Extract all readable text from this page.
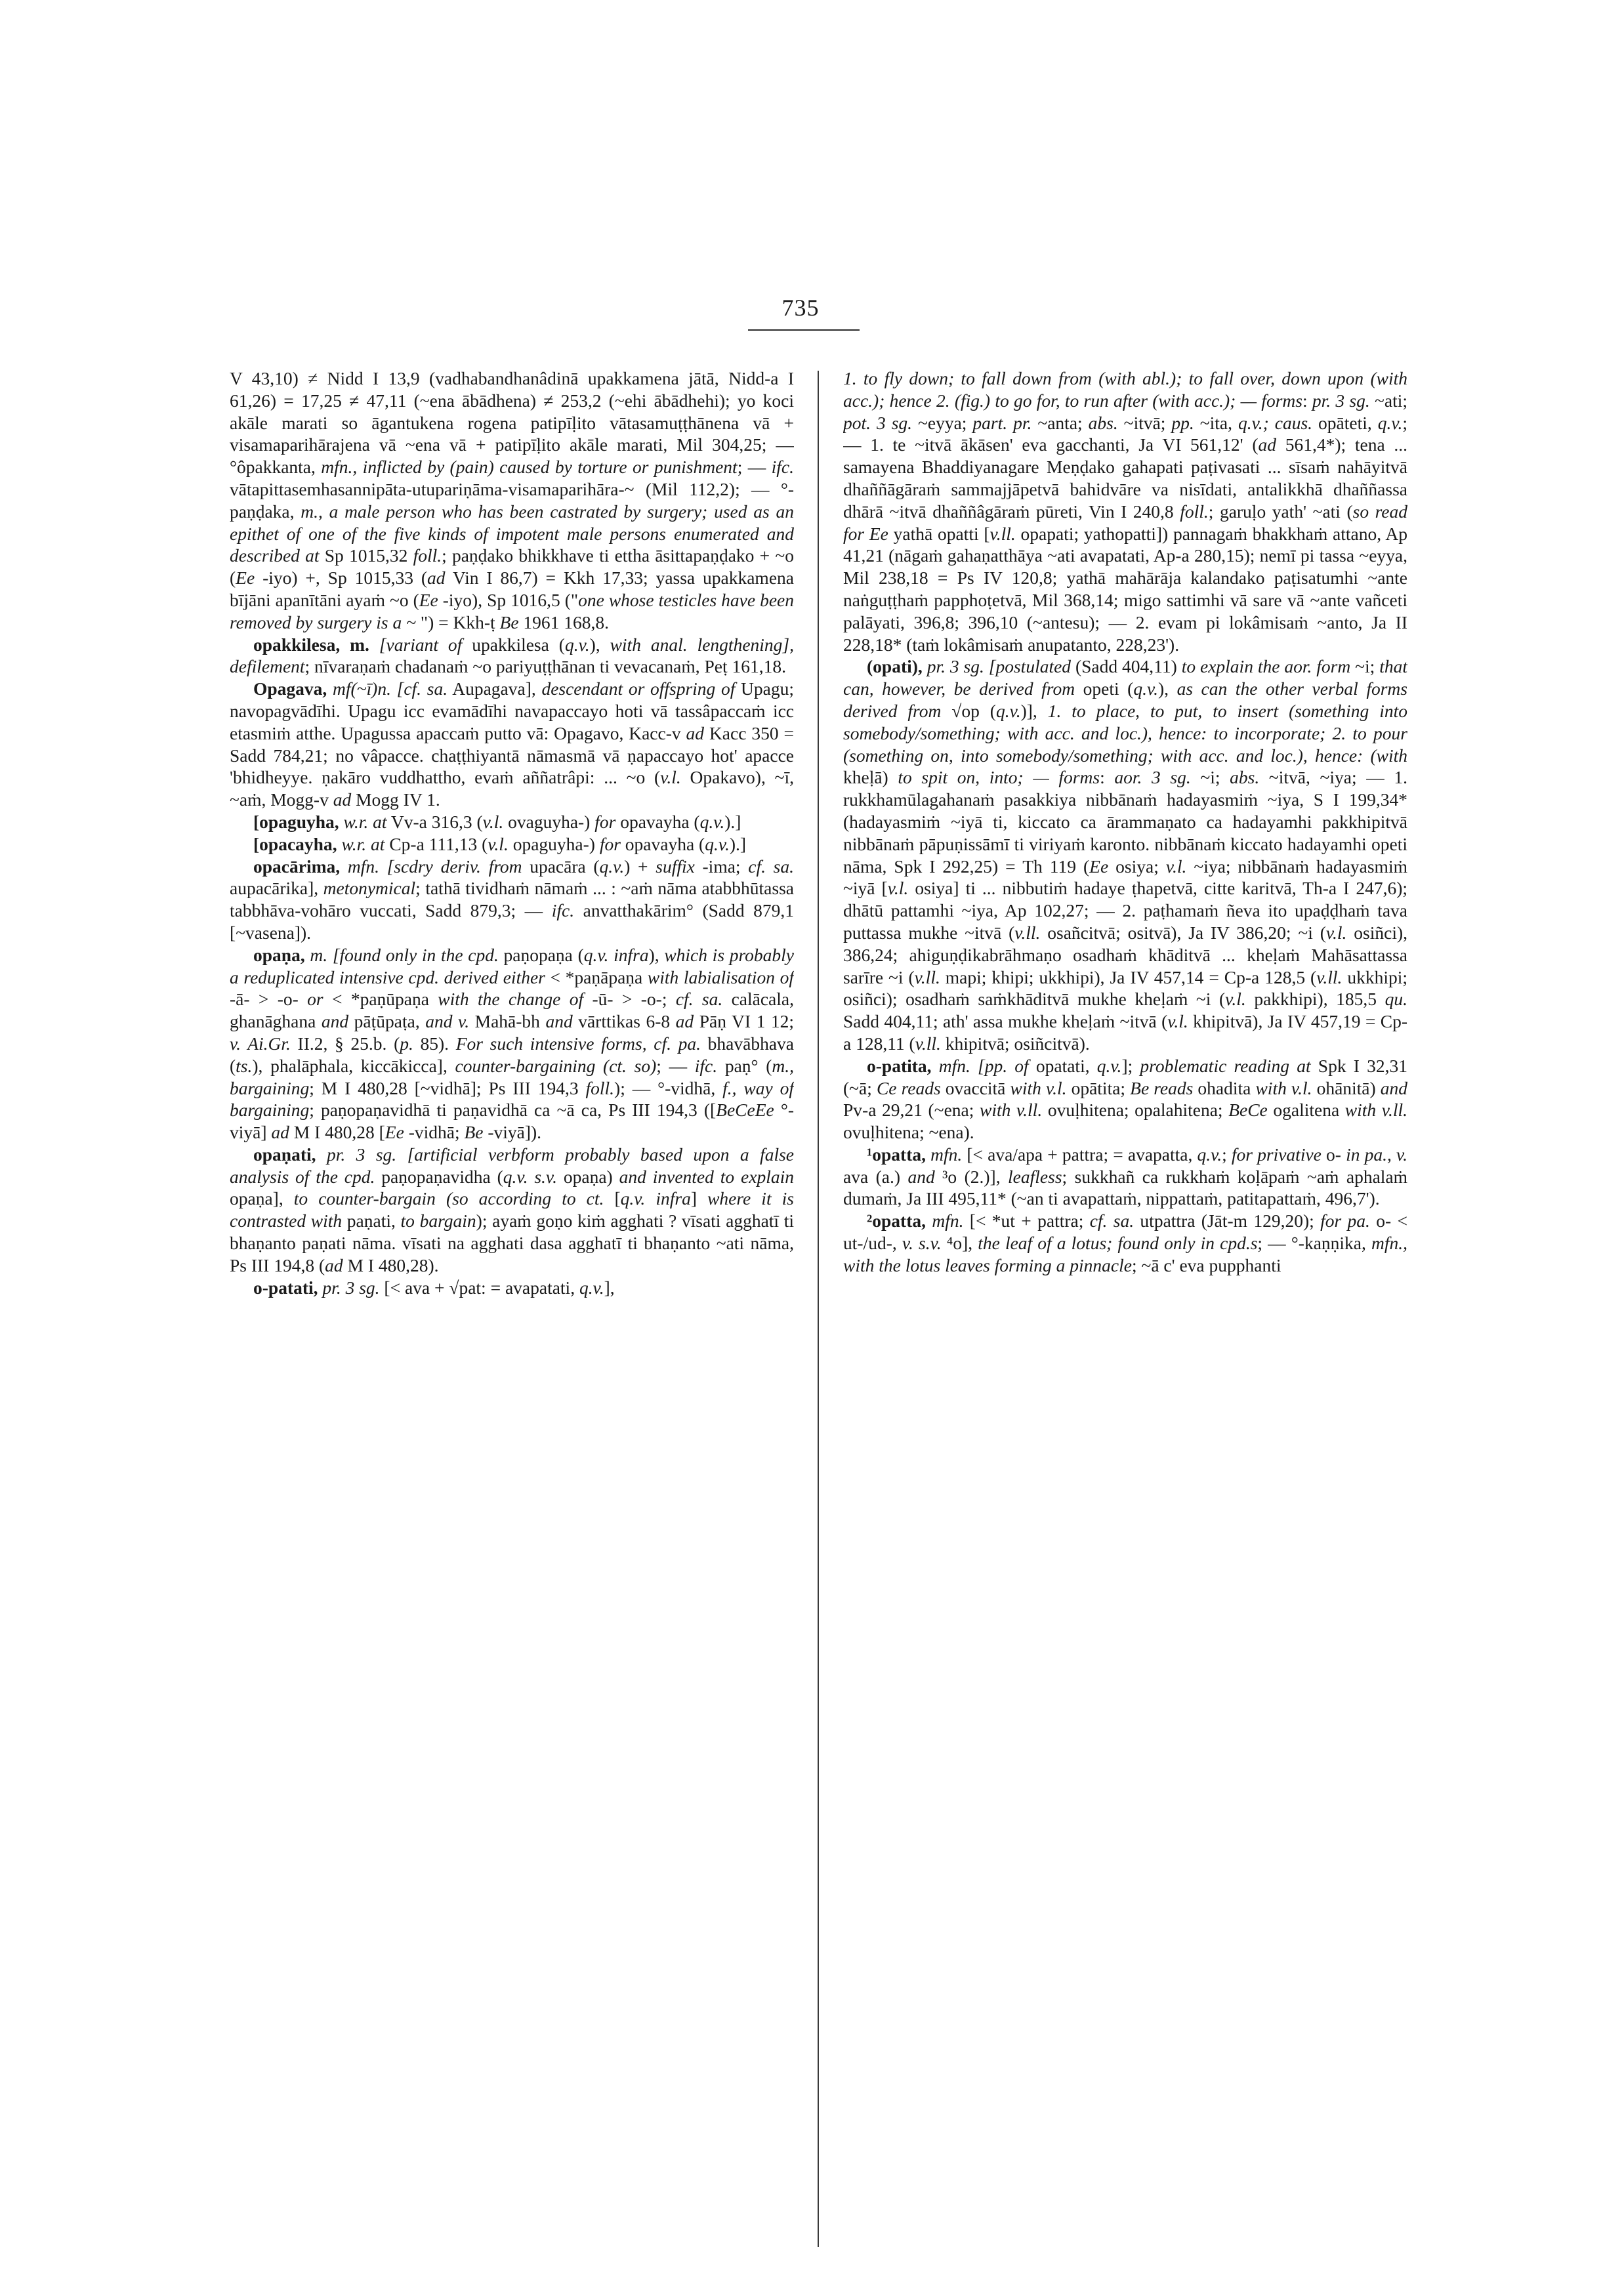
735

V 43,10) ≠ Nidd I 13,9 (vadhabandhanâdinā upakkamena jātā, Nidd-a I 61,26) = 17,25 ≠ 47,11 (~ena ābādhena) ≠ 253,2 (~ehi ābādhehi); yo koci akāle marati so āgantukena rogena patipīḷito vātasamuṭṭhānena vā + visamaparihārajena vā ~ena vā + patipīḷito akāle marati, Mil 304,25; — °ôpakkanta, mfn., inflicted by (pain) caused by torture or punishment; — ifc. vātapittasemhasannipāta-utupariṇāma-visamaparihāra-~ (Mil 112,2); — °-paṇḍaka, m., a male person who has been castrated by surgery; used as an epithet of one of the five kinds of impotent male persons enumerated and described at Sp 1015,32 foll.; paṇḍako bhikkhave ti ettha āsittapaṇḍako + ~o (Ee -iyo) +, Sp 1015,33 (ad Vin I 86,7) = Kkh 17,33; yassa upakkamena bījāni apanītāni ayaṁ ~o (Ee -iyo), Sp 1016,5 ("one whose testicles have been removed by surgery is a ~ ") = Kkh-ṭ Be 1961 168,8.

opakkilesa, m. [variant of upakkilesa (q.v.), with anal. lengthening], defilement; nīvaraṇaṁ chadanaṁ ~o pariyuṭṭhānan ti vevacanaṁ, Peṭ 161,18.

Opagava, mf(~ī)n. [cf. sa. Aupagava], descendant or offspring of Upagu; navopagvādīhi. Upagu icc evamādīhi navapaccayo hoti vā tassâpaccaṁ icc etasmiṁ atthe. Upagussa apaccaṁ putto vā: Opagavo, Kacc-v ad Kacc 350 = Sadd 784,21; no vâpacce. chaṭṭhiyantā nāmasmā vā ṇapaccayo hot' apacce 'bhidheyye. ṇakāro vuddhattho, evaṁ aññatrâpi: ... ~o (v.l. Opakavo), ~ī, ~aṁ, Mogg-v ad Mogg IV 1.

[opaguyha, w.r. at Vv-a 316,3 (v.l. ovaguyha-) for opavayha (q.v.).]

[opacayha, w.r. at Cp-a 111,13 (v.l. opaguyha-) for opavayha (q.v.).]

opacārima, mfn. [scdry deriv. from upacāra (q.v.) + suffix -ima; cf. sa. aupacārika], metonymical; tathā tividhaṁ nāmaṁ ... : ~aṁ nāma atabbhūtassa tabbhāva-vohāro vuccati, Sadd 879,3; — ifc. anvatthakārim° (Sadd 879,1 [~vasena]).

opaṇa, m. [found only in the cpd. paṇopaṇa (q.v. infra), which is probably a reduplicated intensive cpd. derived either < *paṇāpaṇa with labialisation of -ā- > -o- or < *paṇūpaṇa with the change of -ū- > -o-; cf. sa. calācala, ghanāghana and pāṭūpaṭa, and v. Mahā-bh and vārttikas 6-8 ad Pāṇ VI 1 12; v. Ai.Gr. II.2, § 25.b. (p. 85). For such intensive forms, cf. pa. bhavābhava (ts.), phalāphala, kiccākicca], counter-bargaining (ct. so); — ifc. paṇ° (m., bargaining; M I 480,28 [~vidhā]; Ps III 194,3 foll.); — °-vidhā, f., way of bargaining; paṇopaṇavidhā ti paṇavidhā ca ~ā ca, Ps III 194,3 ([BeCeEe °-viyā] ad M I 480,28 [Ee -vidhā; Be -viyā]).

opaṇati, pr. 3 sg. [artificial verbform probably based upon a false analysis of the cpd. paṇopaṇavidha (q.v. s.v. opaṇa) and invented to explain opaṇa], to counter-bargain (so according to ct. [q.v. infra] where it is contrasted with paṇati, to bargain); ayaṁ goṇo kiṁ agghati ? vīsati agghatī ti bhaṇanto paṇati nāma. vīsati na agghati dasa agghatī ti bhaṇanto ~ati nāma, Ps III 194,8 (ad M I 480,28).

o-patati, pr. 3 sg. [< ava + √pat: = avapatati, q.v.],

1. to fly down; to fall down from (with abl.); to fall over, down upon (with acc.); hence 2. (fig.) to go for, to run after (with acc.); — forms: pr. 3 sg. ~ati; pot. 3 sg. ~eyya; part. pr. ~anta; abs. ~itvā; pp. ~ita, q.v.; caus. opāteti, q.v.; — 1. te ~itvā ākāsen' eva gacchanti, Ja VI 561,12' (ad 561,4*); tena ... samayena Bhaddiyanagare Meṇḍako gahapati paṭivasati ... sīsaṁ nahāyitvā dhaññāgāraṁ sammajjāpetvā bahidvāre va nisīdati, antalikkhā dhaññassa dhārā ~itvā dhaññâgāraṁ pūreti, Vin I 240,8 foll.; garuḷo yath' ~ati (so read for Ee yathā opatti [v.ll. opapati; yathopatti]) pannagaṁ bhakkhaṁ attano, Ap 41,21 (nāgaṁ gahaṇatthāya ~ati avapatati, Ap-a 280,15); nemī pi tassa ~eyya, Mil 238,18 = Ps IV 120,8; yathā mahārāja kalandako paṭisatumhi ~ante naṅguṭṭhaṁ papphoṭetvā, Mil 368,14; migo sattimhi vā sare vā ~ante vañceti palāyati, 396,8; 396,10 (~antesu); — 2. evam pi lokâmisaṁ ~anto, Ja II 228,18* (taṁ lokâmisaṁ anupatanto, 228,23').

(opati), pr. 3 sg. [postulated (Sadd 404,11) to explain the aor. form ~i; that can, however, be derived from opeti (q.v.), as can the other verbal forms derived from √op (q.v.)], 1. to place, to put, to insert (something into somebody/something; with acc. and loc.), hence: to incorporate; 2. to pour (something on, into somebody/something; with acc. and loc.), hence: (with kheḷā) to spit on, into; — forms: aor. 3 sg. ~i; abs. ~itvā, ~iya; — 1. rukkhamūlagahanaṁ pasakkiya nibbānaṁ hadayasmiṁ ~iya, S I 199,34* (hadayasmiṁ ~iyā ti, kiccato ca ārammaṇato ca hadayamhi pakkhipitvā nibbānaṁ pāpuṇissāmī ti viriyaṁ karonto. nibbānaṁ kiccato hadayamhi opeti nāma, Spk I 292,25) = Th 119 (Ee osiya; v.l. ~iya; nibbānaṁ hadayasmiṁ ~iyā [v.l. osiya] ti ... nibbutiṁ hadaye ṭhapetvā, citte karitvā, Th-a I 247,6); dhātū pattamhi ~iya, Ap 102,27; — 2. paṭhamaṁ ñeva ito upaḍḍhaṁ tava puttassa mukhe ~itvā (v.ll. osañcitvā; ositvā), Ja IV 386,20; ~i (v.l. osiñci), 386,24; ahiguṇḍikabrāhmaṇo osadhaṁ khāditvā ... kheḷaṁ Mahāsattassa sarīre ~i (v.ll. mapi; khipi; ukkhipi), Ja IV 457,14 = Cp-a 128,5 (v.ll. ukkhipi; osiñci); osadhaṁ saṁkhāditvā mukhe kheḷaṁ ~i (v.l. pakkhipi), 185,5 qu. Sadd 404,11; ath' assa mukhe kheḷaṁ ~itvā (v.l. khipitvā), Ja IV 457,19 = Cp-a 128,11 (v.ll. khipitvā; osiñcitvā).

o-patita, mfn. [pp. of opatati, q.v.]; problematic reading at Spk I 32,31 (~ā; Ce reads ovaccitā with v.l. opātita; Be reads ohadita with v.l. ohānitā) and Pv-a 29,21 (~ena; with v.ll. ovuḷhitena; opalahitena; BeCe ogalitena with v.ll. ovuḷhitena; ~ena).

¹opatta, mfn. [< ava/apa + pattra; = avapatta, q.v.; for privative o- in pa., v. ava (a.) and ³o (2.)], leafless; sukkhañ ca rukkhaṁ koḷāpaṁ ~aṁ aphalaṁ dumaṁ, Ja III 495,11* (~an ti avapattaṁ, nippattaṁ, patitapattaṁ, 496,7').

²opatta, mfn. [< *ut + pattra; cf. sa. utpattra (Jāt-m 129,20); for pa. o- < ut-/ud-, v. s.v. ⁴o], the leaf of a lotus; found only in cpd.s; — °-kaṇṇika, mfn., with the lotus leaves forming a pinnacle; ~ā c' eva pupphanti
